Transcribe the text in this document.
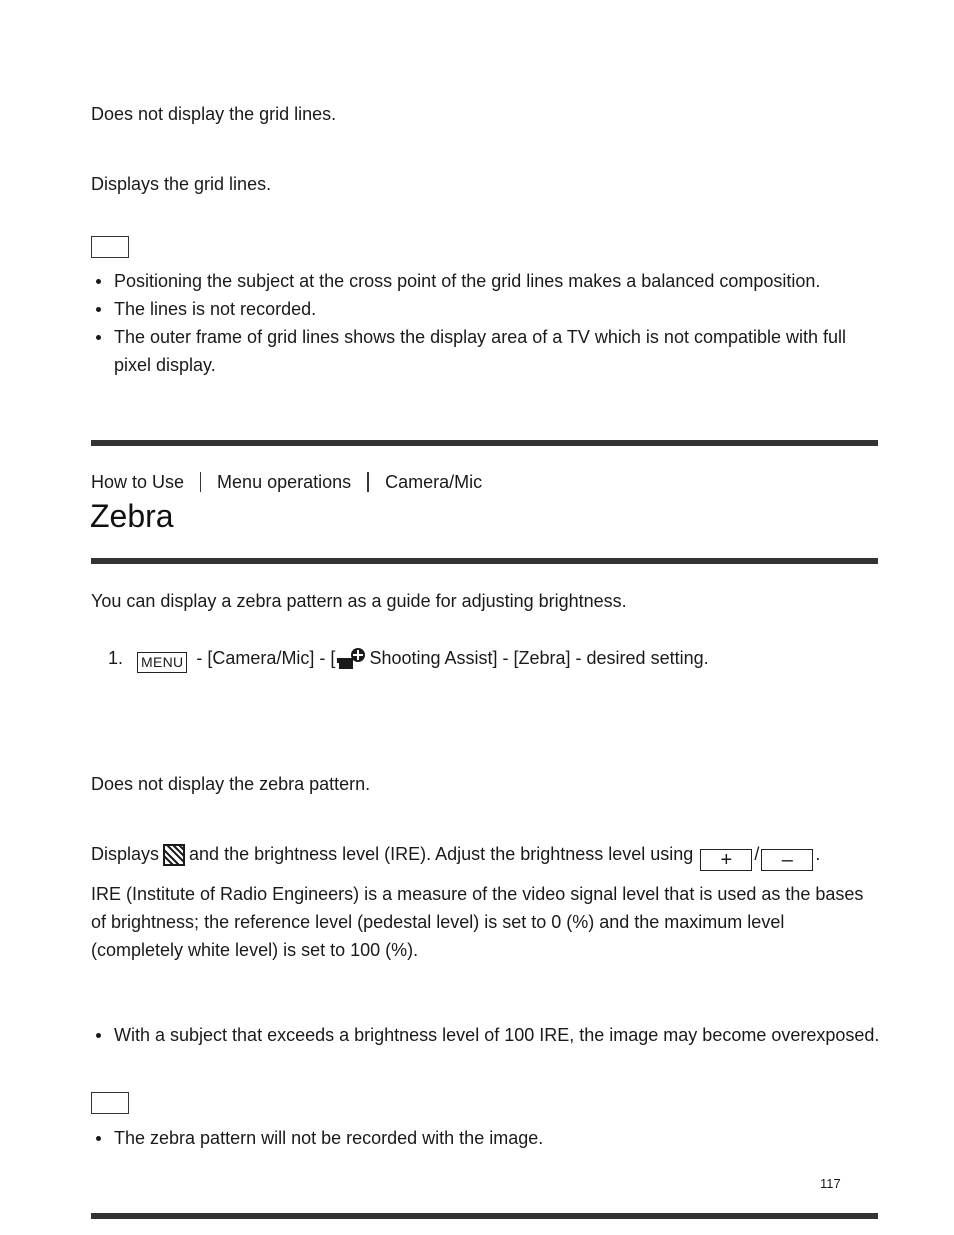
Does not display the grid lines.
Displays the grid lines.
Positioning the subject at the cross point of the grid lines makes a balanced composition.
The lines is not recorded.
The outer frame of grid lines shows the display area of a TV which is not compatible with full pixel display.
How to Use Menu operations Camera/Mic
Zebra
You can display a zebra pattern as a guide for adjusting brightness.
1. MENU - [Camera/Mic] - [ Shooting Assist] - [Zebra] - desired setting.
Does not display the zebra pattern.
Displays and the brightness level (IRE). Adjust the brightness level using + / – .
IRE (Institute of Radio Engineers) is a measure of the video signal level that is used as the bases of brightness; the reference level (pedestal level) is set to 0 (%) and the maximum level (completely white level) is set to 100 (%).
With a subject that exceeds a brightness level of 100 IRE, the image may become overexposed.
The zebra pattern will not be recorded with the image.
117
